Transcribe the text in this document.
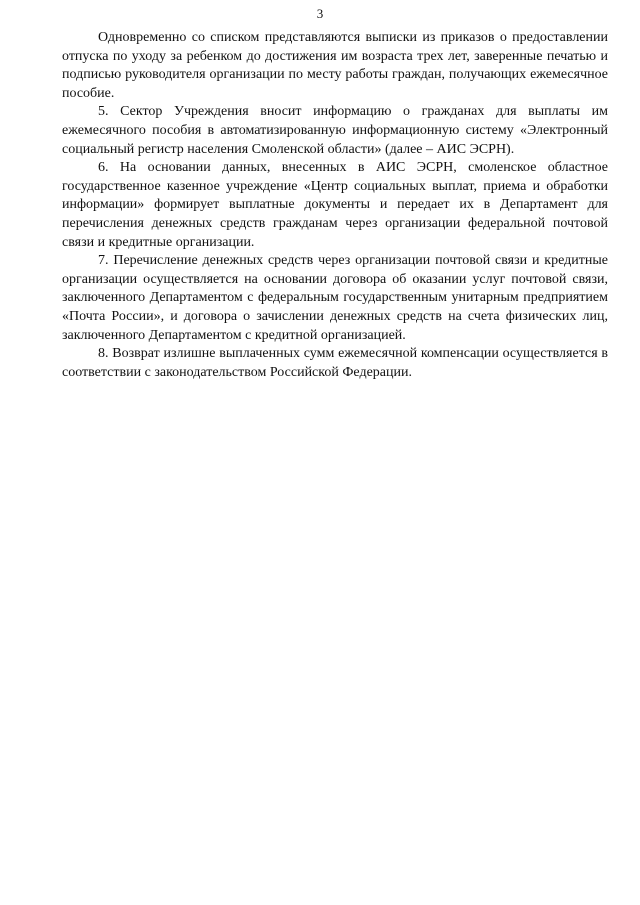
3

Одновременно со списком представляются выписки из приказов о предоставлении отпуска по уходу за ребенком до достижения им возраста трех лет, заверенные печатью и подписью руководителя организации по месту работы граждан, получающих ежемесячное пособие.

5. Сектор Учреждения вносит информацию о гражданах для выплаты им ежемесячного пособия в автоматизированную информационную систему «Электронный социальный регистр населения Смоленской области» (далее – АИС ЭСРН).

6. На основании данных, внесенных в АИС ЭСРН, смоленское областное государственное казенное учреждение «Центр социальных выплат, приема и обработки информации» формирует выплатные документы и передает их в Департамент для перечисления денежных средств гражданам через организации федеральной почтовой связи и кредитные организации.

7. Перечисление денежных средств через организации почтовой связи и кредитные организации осуществляется на основании договора об оказании услуг почтовой связи, заключенного Департаментом с федеральным государственным унитарным предприятием «Почта России», и договора о зачислении денежных средств на счета физических лиц, заключенного Департаментом с кредитной организацией.

8. Возврат излишне выплаченных сумм ежемесячной компенсации осуществляется в соответствии с законодательством Российской Федерации.
